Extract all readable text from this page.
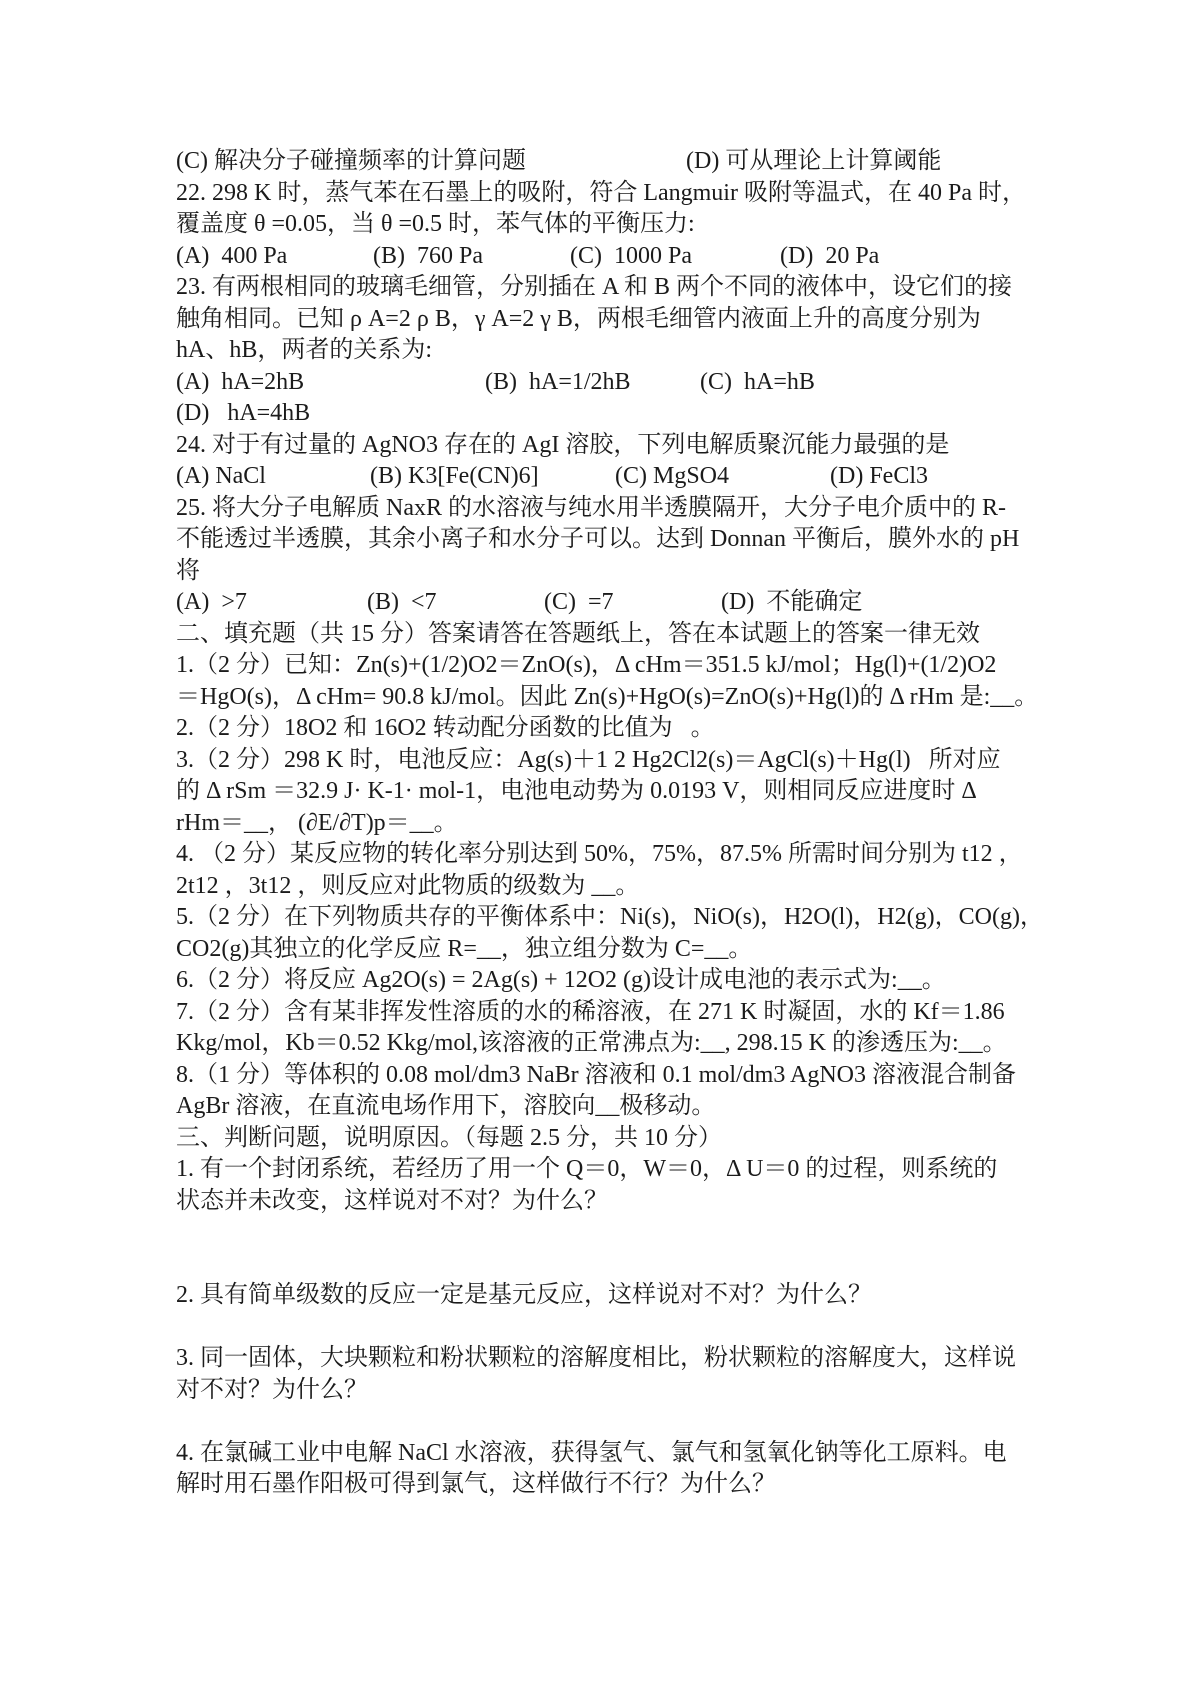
(C) 解决分子碰撞频率的计算问题	(D) 可从理论上计算阈能
22. 298 K 时，蒸气苯在石墨上的吸附，符合 Langmuir 吸附等温式，在 40 Pa 时，
覆盖度 θ =0.05，当 θ =0.5 时，苯气体的平衡压力:
(A)  400 Pa	(B)  760 Pa	(C)  1000 Pa	(D)  20 Pa
23. 有两根相同的玻璃毛细管，分别插在 A 和 B 两个不同的液体中，设它们的接
触角相同。已知 ρ A=2 ρ B，γ A=2 γ B，两根毛细管内液面上升的高度分别为
hA、hB，两者的关系为:
(A)  hA=2hB	(B)  hA=1/2hB	(C)  hA=hB
(D)   hA=4hB
24. 对于有过量的 AgNO3 存在的 AgI 溶胶，下列电解质聚沉能力最强的是
(A) NaCl	(B) K3[Fe(CN)6]	(C) MgSO4	(D) FeCl3
25. 将大分子电解质 NaxR 的水溶液与纯水用半透膜隔开，大分子电介质中的 R-
不能透过半透膜，其余小离子和水分子可以。达到 Donnan 平衡后，膜外水的 pH
将
(A)  >7	(B)  <7	(C)  =7	(D)  不能确定
二、填充题（共 15 分）答案请答在答题纸上，答在本试题上的答案一律无效
1.（2 分）已知：Zn(s)+(1/2)O2＝ZnO(s)，Δ cHm＝351.5 kJ/mol；Hg(l)+(1/2)O2
＝HgO(s)，Δ cHm= 90.8 kJ/mol。因此 Zn(s)+HgO(s)=ZnO(s)+Hg(l)的 Δ rHm 是:__。
2.（2 分）18O2 和 16O2 转动配分函数的比值为   。
3.（2 分）298 K 时，电池反应：Ag(s)＋1 2 Hg2Cl2(s)＝AgCl(s)＋Hg(l)   所对应
的 Δ rSm ＝32.9 J· K-1· mol-1，电池电动势为 0.0193 V，则相同反应进度时 Δ
rHm＝__， (∂E/∂T)p＝__。
4. （2 分）某反应物的转化率分别达到 50%，75%，87.5% 所需时间分别为 t12 ，
2t12 ，3t12 ，则反应对此物质的级数为 __。
5.（2 分）在下列物质共存的平衡体系中：Ni(s)，NiO(s)，H2O(l)，H2(g)，CO(g)，
CO2(g)其独立的化学反应 R=__，独立组分数为 C=__。
6.（2 分）将反应 Ag2O(s) = 2Ag(s) + 12O2 (g)设计成电池的表示式为:__。
7.（2 分）含有某非挥发性溶质的水的稀溶液，在 271 K 时凝固，水的 Kf＝1.86
Kkg/mol，Kb＝0.52 Kkg/mol,该溶液的正常沸点为:__, 298.15 K 的渗透压为:__。
8.（1 分）等体积的 0.08 mol/dm3 NaBr 溶液和 0.1 mol/dm3 AgNO3 溶液混合制备
AgBr 溶液，在直流电场作用下，溶胶向__极移动。
三、判断问题，说明原因。（每题 2.5 分，共 10 分）
1. 有一个封闭系统，若经历了用一个 Q＝0，W＝0，Δ U＝0 的过程，则系统的
状态并未改变，这样说对不对？为什么？
2. 具有简单级数的反应一定是基元反应，这样说对不对？为什么？
3. 同一固体，大块颗粒和粉状颗粒的溶解度相比，粉状颗粒的溶解度大，这样说
对不对？为什么？
4. 在氯碱工业中电解 NaCl 水溶液，获得氢气、氯气和氢氧化钠等化工原料。电
解时用石墨作阳极可得到氯气，这样做行不行？为什么？
